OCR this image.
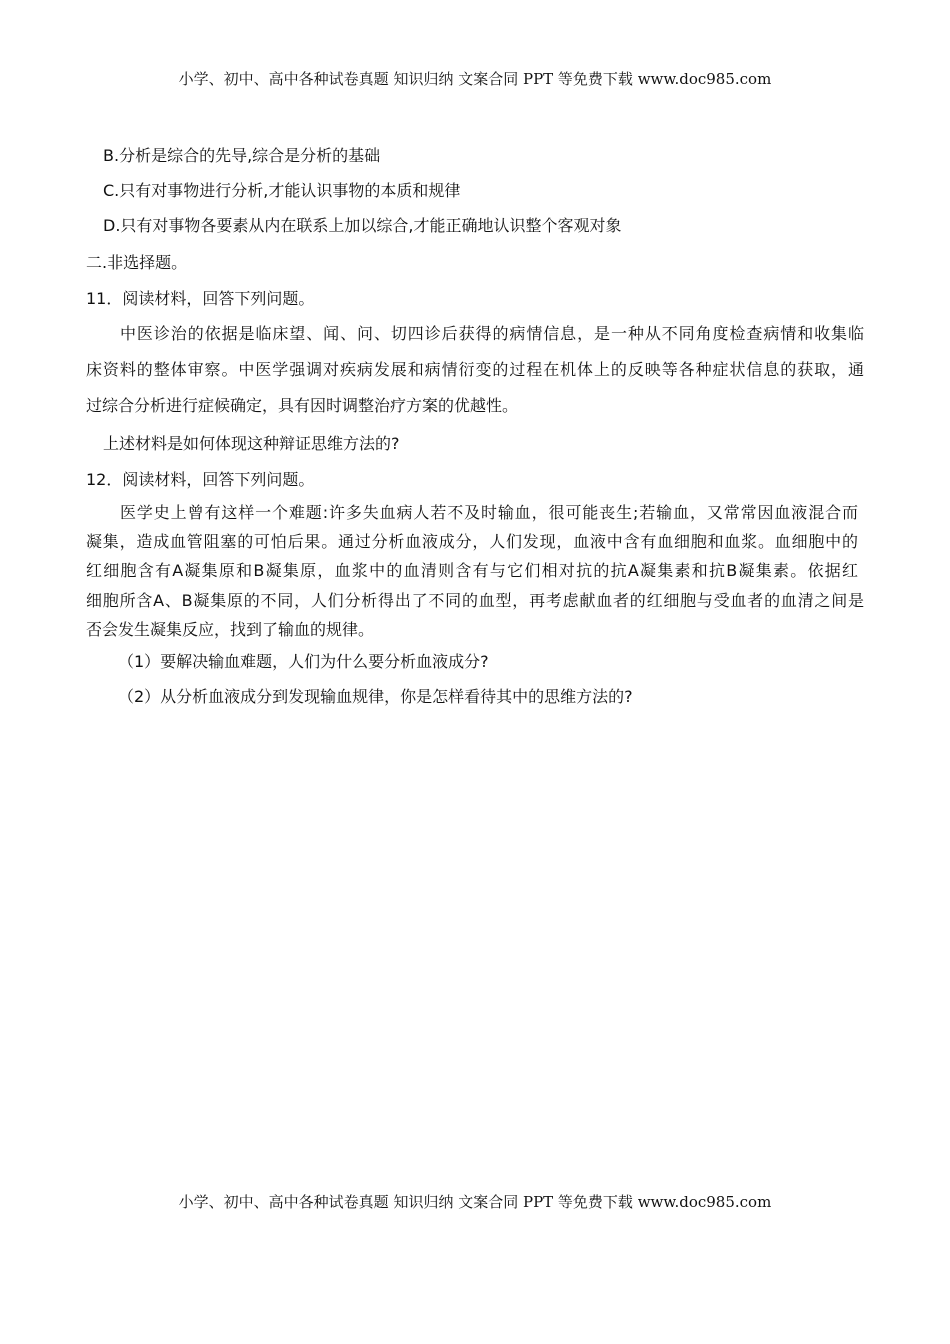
小学、初中、高中各种试卷真题 知识归纳 文案合同 PPT 等免费下载 www.doc985.com
B.分析是综合的先导,综合是分析的基础
C.只有对事物进行分析,才能认识事物的本质和规律
D.只有对事物各要素从内在联系上加以综合,才能正确地认识整个客观对象
二.非选择题。
11．阅读材料，回答下列问题。
中医诊治的依据是临床望、闻、问、切四诊后获得的病情信息，是一种从不同角度检查病情和收集临
床资料的整体审察。中医学强调对疾病发展和病情衍变的过程在机体上的反映等各种症状信息的获取，通
过综合分析进行症候确定，具有因时调整治疗方案的优越性。
上述材料是如何体现这种辩证思维方法的?
12．阅读材料，回答下列问题。
医学史上曾有这样一个难题:许多失血病人若不及时输血，很可能丧生;若输血，又常常因血液混合而
凝集，造成血管阻塞的可怕后果。通过分析血液成分，人们发现，血液中含有血细胞和血浆。血细胞中的
红细胞含有A凝集原和B凝集原，血浆中的血清则含有与它们相对抗的抗A凝集素和抗B凝集素。依据红
细胞所含A、B凝集原的不同，人们分析得出了不同的血型，再考虑献血者的红细胞与受血者的血清之间是
否会发生凝集反应，找到了输血的规律。
（1）要解决输血难题，人们为什么要分析血液成分?
（2）从分析血液成分到发现输血规律，你是怎样看待其中的思维方法的?
小学、初中、高中各种试卷真题 知识归纳 文案合同 PPT 等免费下载 www.doc985.com
